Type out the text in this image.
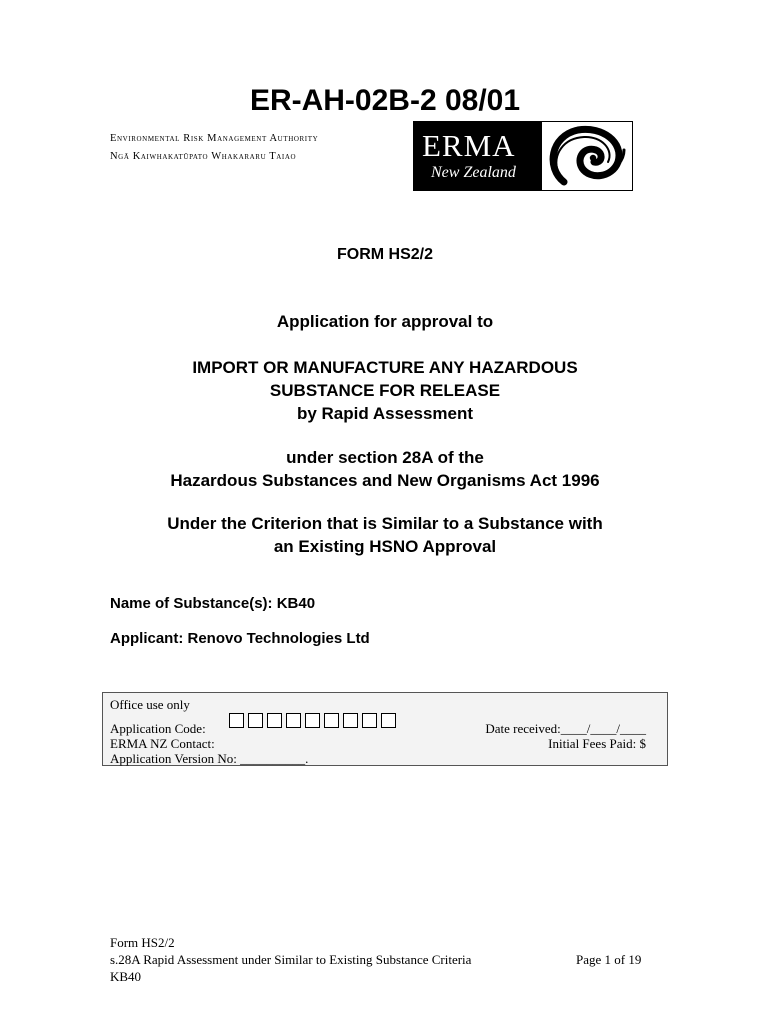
ER-AH-02B-2 08/01
Environmental Risk Management Authority
Ngā Kaiwhakatūpato Whakararu Taiao	ERMA
New Zealand
FORM HS2/2
Application for approval to
IMPORT OR MANUFACTURE ANY HAZARDOUS
SUBSTANCE FOR RELEASE
by Rapid Assessment
under section 28A of the
Hazardous Substances and New Organisms Act 1996
Under the Criterion that is Similar to a Substance with
an Existing HSNO Approval
Name of Substance(s): KB40
Applicant: Renovo Technologies Ltd
Office use only
Application Code:
ERMA NZ Contact:
Application Version No: __________.
Date received:____/____/____
Initial Fees Paid: $
Form HS2/2
s.28A Rapid Assessment under Similar to Existing Substance Criteria	Page 1 of 19
KB40
